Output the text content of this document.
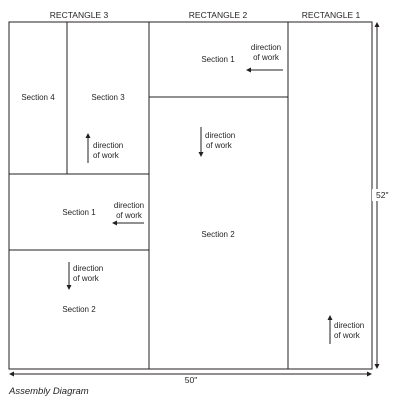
RECTANGLE 3	RECTANGLE 2	RECTANGLE 1
Section 4	Section 3
Section 1
Section 2
Section 1
Section 2
direction
of work
direction
of work
direction
of work
direction
of work
direction
of work
direction
of work
52"
50"
Assembly Diagram
